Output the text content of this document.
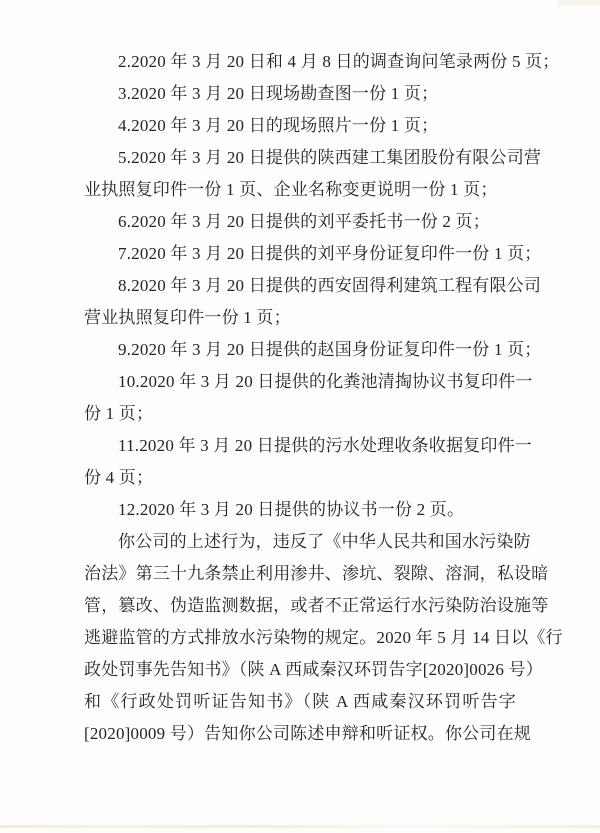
2.2020 年 3 月 20 日和 4 月 8 日的调查询问笔录两份 5 页；

3.2020 年 3 月 20 日现场勘查图一份 1 页；

4.2020 年 3 月 20 日的现场照片一份 1 页；

5.2020 年 3 月 20 日提供的陕西建工集团股份有限公司营
业执照复印件一份 1 页、企业名称变更说明一份 1 页；

6.2020 年 3 月 20 日提供的刘平委托书一份 2 页；

7.2020 年 3 月 20 日提供的刘平身份证复印件一份 1 页；

8.2020 年 3 月 20 日提供的西安固得利建筑工程有限公司
营业执照复印件一份 1 页；

9.2020 年 3 月 20 日提供的赵国身份证复印件一份 1 页；

10.2020 年 3 月 20 日提供的化粪池清掏协议书复印件一
份 1 页；

11.2020 年 3 月 20 日提供的污水处理收条收据复印件一
份 4 页；

12.2020 年 3 月 20 日提供的协议书一份 2 页。

你公司的上述行为，违反了《中华人民共和国水污染防
治法》第三十九条禁止利用渗井、渗坑、裂隙、溶洞，私设暗
管，篡改、伪造监测数据，或者不正常运行水污染防治设施等
逃避监管的方式排放水污染物的规定。2020 年 5 月 14 日以《行
政处罚事先告知书》（陕 A 西咸秦汉环罚告字[2020]0026 号）
和《行政处罚听证告知书》（陕 A 西咸秦汉环罚听告字
[2020]0009 号）告知你公司陈述申辩和听证权。你公司在规
